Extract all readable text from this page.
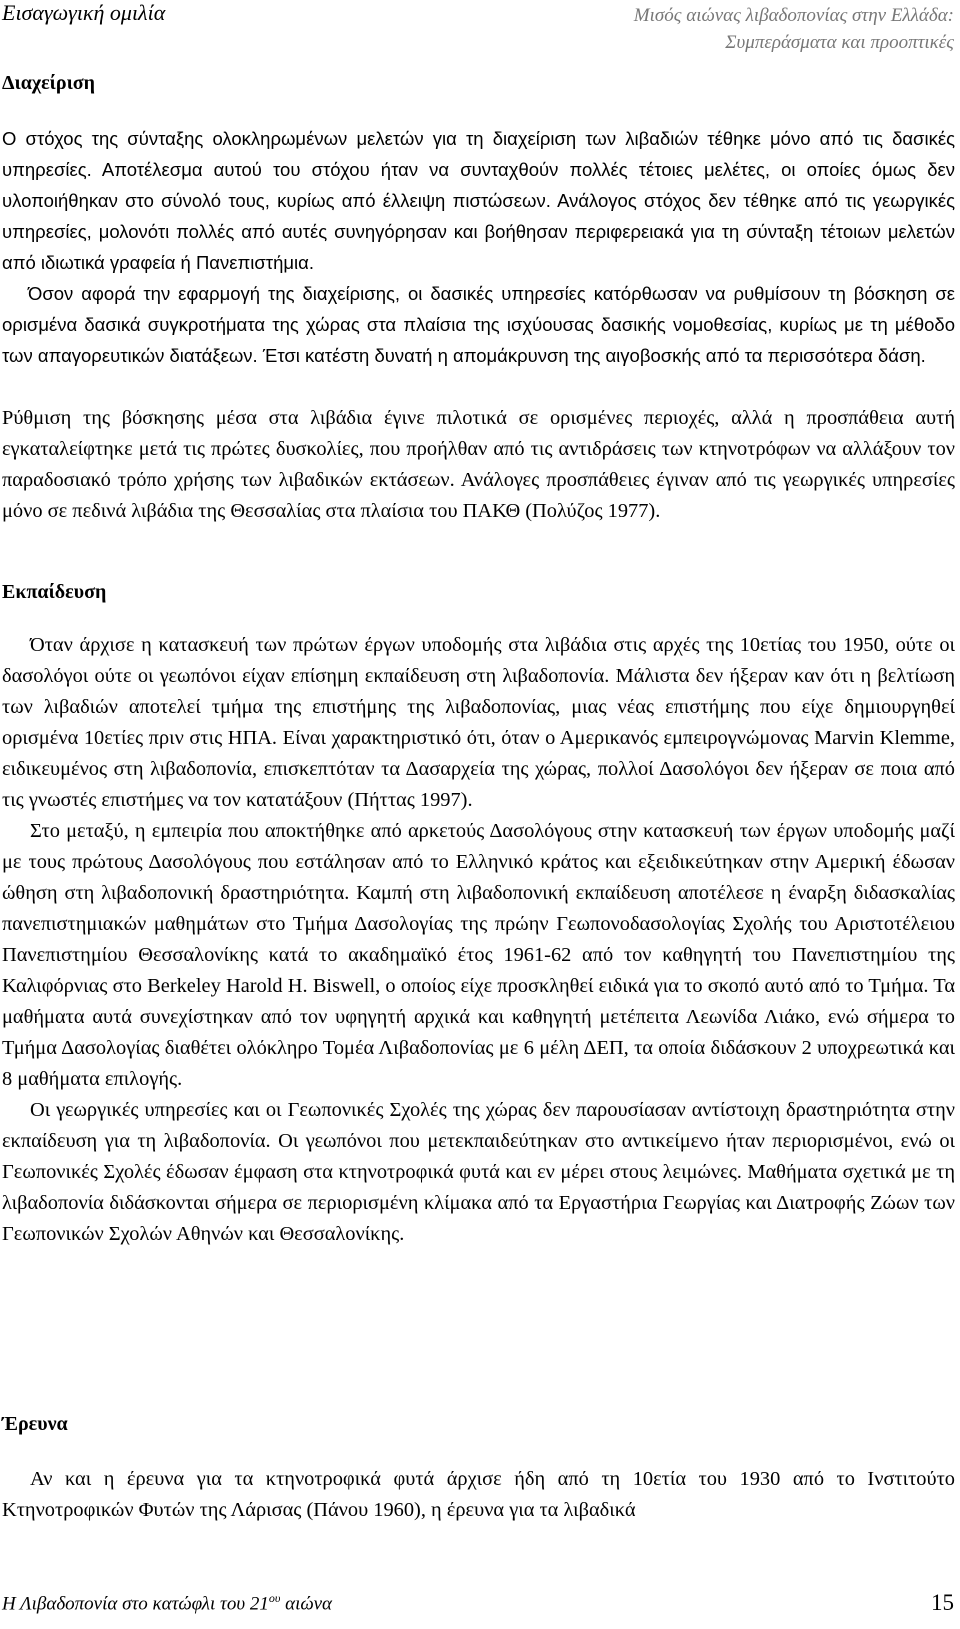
Εισαγωγική ομιλία	Μισός αιώνας λιβαδοπονίας στην Ελλάδα:
Συμπεράσματα και προοπτικές
Διαχείριση
Ο στόχος της σύνταξης ολοκληρωμένων μελετών για τη διαχείριση των λιβαδιών τέθηκε μόνο από τις δασικές υπηρεσίες. Αποτέλεσμα αυτού του στόχου ήταν να συνταχθούν πολλές τέτοιες μελέτες, οι οποίες όμως δεν υλοποιήθηκαν στο σύνολό τους, κυρίως από έλλειψη πιστώσεων. Ανάλογος στόχος δεν τέθηκε από τις γεωργικές υπηρεσίες, μολονότι πολλές από αυτές συνηγόρησαν και βοήθησαν περιφερειακά για τη σύνταξη τέτοιων μελετών από ιδιωτικά γραφεία ή Πανεπιστήμια.
Όσον αφορά την εφαρμογή της διαχείρισης, οι δασικές υπηρεσίες κατόρθωσαν να ρυθμίσουν τη βόσκηση σε ορισμένα δασικά συγκροτήματα της χώρας στα πλαίσια της ισχύουσας δασικής νομοθεσίας, κυρίως με τη μέθοδο των απαγορευτικών διατάξεων. Έτσι κατέστη δυνατή η απομάκρυνση της αιγοβοσκής από τα περισσότερα δάση.
Ρύθμιση της βόσκησης μέσα στα λιβάδια έγινε πιλοτικά σε ορισμένες περιοχές, αλλά η προσπάθεια αυτή εγκαταλείφτηκε μετά τις πρώτες δυσκολίες, που προήλθαν από τις αντιδράσεις των κτηνοτρόφων να αλλάξουν τον παραδοσιακό τρόπο χρήσης των λιβαδικών εκτάσεων. Ανάλογες προσπάθειες έγιναν από τις γεωργικές υπηρεσίες μόνο σε πεδινά λιβάδια της Θεσσαλίας στα πλαίσια του ΠΑΚΘ (Πολύζος 1977).
Εκπαίδευση
Όταν άρχισε η κατασκευή των πρώτων έργων υποδομής στα λιβάδια στις αρχές της 10ετίας του 1950, ούτε οι δασολόγοι ούτε οι γεωπόνοι είχαν επίσημη εκπαίδευση στη λιβαδοπονία. Μάλιστα δεν ήξεραν καν ότι η βελτίωση των λιβαδιών αποτελεί τμήμα της επιστήμης της λιβαδοπονίας, μιας νέας επιστήμης που είχε δημιουργηθεί ορισμένα 10ετίες πριν στις ΗΠΑ. Είναι χαρακτηριστικό ότι, όταν ο Αμερικανός εμπειρογνώμονας Marvin Klemme, ειδικευμένος στη λιβαδοπονία, επισκεπτόταν τα Δασαρχεία της χώρας, πολλοί Δασολόγοι δεν ήξεραν σε ποια από τις γνωστές επιστήμες να τον κατατάξουν (Πήττας 1997).
Στο μεταξύ, η εμπειρία που αποκτήθηκε από αρκετούς Δασολόγους στην κατασκευή των έργων υποδομής μαζί με τους πρώτους Δασολόγους που εστάλησαν από το Ελληνικό κράτος και εξειδικεύτηκαν στην Αμερική έδωσαν ώθηση στη λιβαδοπονική δραστηριότητα. Καμπή στη λιβαδοπονική εκπαίδευση αποτέλεσε η έναρξη διδασκαλίας πανεπιστημιακών μαθημάτων στο Τμήμα Δασολογίας της πρώην Γεωπονοδασολογίας Σχολής του Αριστοτέλειου Πανεπιστημίου Θεσσαλονίκης κατά το ακαδημαϊκό έτος 1961-62 από τον καθηγητή του Πανεπιστημίου της Καλιφόρνιας στο Berkeley Harold H. Biswell, ο οποίος είχε προσκληθεί ειδικά για το σκοπό αυτό από το Τμήμα. Τα μαθήματα αυτά συνεχίστηκαν από τον υφηγητή αρχικά και καθηγητή μετέπειτα Λεωνίδα Λιάκο, ενώ σήμερα το Τμήμα Δασολογίας διαθέτει ολόκληρο Τομέα Λιβαδοπονίας με 6 μέλη ΔΕΠ, τα οποία διδάσκουν 2 υποχρεωτικά και 8 μαθήματα επιλογής.
Οι γεωργικές υπηρεσίες και οι Γεωπονικές Σχολές της χώρας δεν παρουσίασαν αντίστοιχη δραστηριότητα στην εκπαίδευση για τη λιβαδοπονία. Οι γεωπόνοι που μετεκπαιδεύτηκαν στο αντικείμενο ήταν περιορισμένοι, ενώ οι Γεωπονικές Σχολές έδωσαν έμφαση στα κτηνοτροφικά φυτά και εν μέρει στους λειμώνες. Μαθήματα σχετικά με τη λιβαδοπονία διδάσκονται σήμερα σε περιορισμένη κλίμακα από τα Εργαστήρια Γεωργίας και Διατροφής Ζώων των Γεωπονικών Σχολών Αθηνών και Θεσσαλονίκης.
Έρευνα
Αν και η έρευνα για τα κτηνοτροφικά φυτά άρχισε ήδη από τη 10ετία του 1930 από το Ινστιτούτο Κτηνοτροφικών Φυτών της Λάρισας (Πάνου 1960), η έρευνα για τα λιβαδικά
Η Λιβαδοπονία στο κατώφλι του $21^{o\upsilon}$ αιώνα	15
